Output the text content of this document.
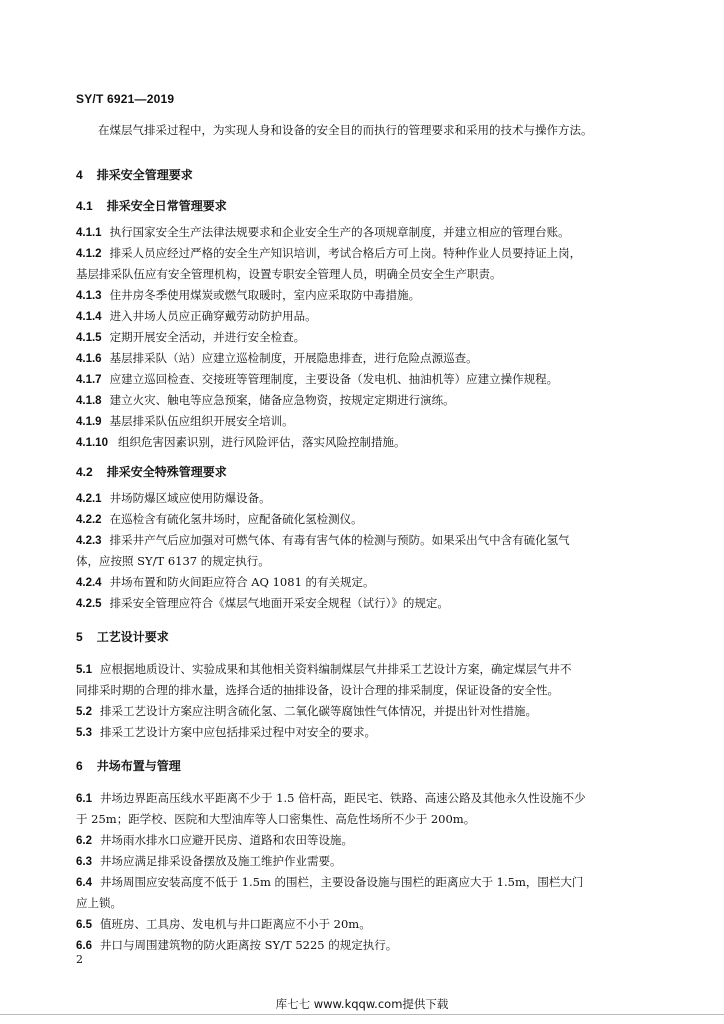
SY/T 6921—2019
在煤层气排采过程中，为实现人身和设备的安全目的而执行的管理要求和采用的技术与操作方法。
4 排采安全管理要求
4.1 排采安全日常管理要求
4.1.1 执行国家安全生产法律法规要求和企业安全生产的各项规章制度，并建立相应的管理台账。
4.1.2 排采人员应经过严格的安全生产知识培训，考试合格后方可上岗。特种作业人员要持证上岗，
基层排采队伍应有安全管理机构，设置专职安全管理人员，明确全员安全生产职责。
4.1.3 住井房冬季使用煤炭或燃气取暖时，室内应采取防中毒措施。
4.1.4 进入井场人员应正确穿戴劳动防护用品。
4.1.5 定期开展安全活动，并进行安全检查。
4.1.6 基层排采队（站）应建立巡检制度，开展隐患排查，进行危险点源巡查。
4.1.7 应建立巡回检查、交接班等管理制度，主要设备（发电机、抽油机等）应建立操作规程。
4.1.8 建立火灾、触电等应急预案，储备应急物资，按规定定期进行演练。
4.1.9 基层排采队伍应组织开展安全培训。
4.1.10 组织危害因素识别，进行风险评估，落实风险控制措施。
4.2 排采安全特殊管理要求
4.2.1 井场防爆区域应使用防爆设备。
4.2.2 在巡检含有硫化氢井场时，应配备硫化氢检测仪。
4.2.3 排采井产气后应加强对可燃气体、有毒有害气体的检测与预防。如果采出气中含有硫化氢气
体，应按照 SY/T 6137 的规定执行。
4.2.4 井场布置和防火间距应符合 AQ 1081 的有关规定。
4.2.5 排采安全管理应符合《煤层气地面开采安全规程（试行）》的规定。
5 工艺设计要求
5.1 应根据地质设计、实验成果和其他相关资料编制煤层气井排采工艺设计方案，确定煤层气井不
同排采时期的合理的排水量，选择合适的抽排设备，设计合理的排采制度，保证设备的安全性。
5.2 排采工艺设计方案应注明含硫化氢、二氧化碳等腐蚀性气体情况，并提出针对性措施。
5.3 排采工艺设计方案中应包括排采过程中对安全的要求。
6 井场布置与管理
6.1 井场边界距高压线水平距离不少于 1.5 倍杆高，距民宅、铁路、高速公路及其他永久性设施不少
于 25m；距学校、医院和大型油库等人口密集性、高危性场所不少于 200m。
6.2 井场雨水排水口应避开民房、道路和农田等设施。
6.3 井场应满足排采设备摆放及施工维护作业需要。
6.4 井场周围应安装高度不低于 1.5m 的围栏，主要设备设施与围栏的距离应大于 1.5m，围栏大门
应上锁。
6.5 值班房、工具房、发电机与井口距离应不小于 20m。
6.6 井口与周围建筑物的防火距离按 SY/T 5225 的规定执行。
2
库七七 www.kqqw.com提供下载
